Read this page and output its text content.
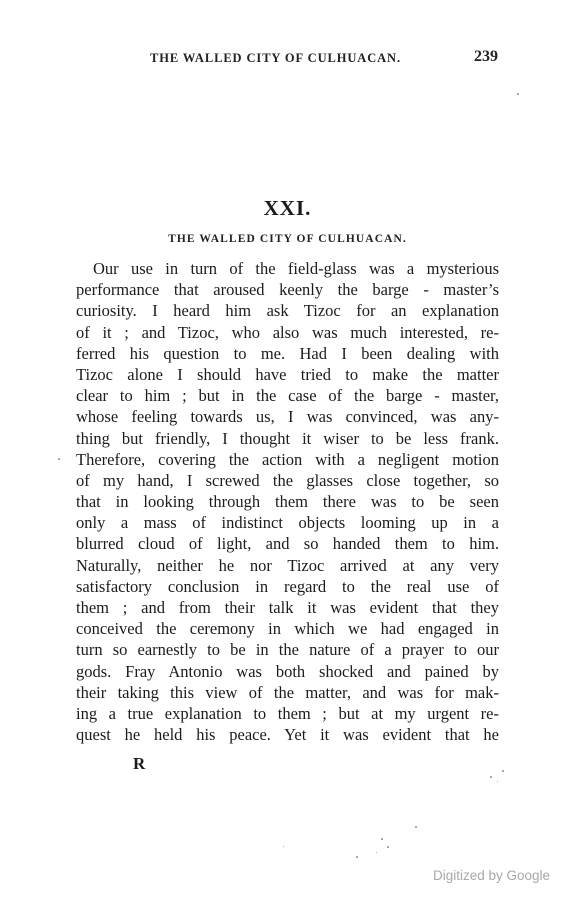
THE WALLED CITY OF CULHUACAN.	239
XXI.
THE WALLED CITY OF CULHUACAN.
Our use in turn of the field-glass was a mysterious
performance that aroused keenly the barge - master’s
curiosity. I heard him ask Tizoc for an explanation
of it ; and Tizoc, who also was much interested, re-
ferred his question to me. Had I been dealing with
Tizoc alone I should have tried to make the matter
clear to him ; but in the case of the barge - master,
whose feeling towards us, I was convinced, was any-
thing but friendly, I thought it wiser to be less frank.
Therefore, covering the action with a negligent motion
of my hand, I screwed the glasses close together, so
that in looking through them there was to be seen
only a mass of indistinct objects looming up in a
blurred cloud of light, and so handed them to him.
Naturally, neither he nor Tizoc arrived at any very
satisfactory conclusion in regard to the real use of
them ; and from their talk it was evident that they
conceived the ceremony in which we had engaged in
turn so earnestly to be in the nature of a prayer to our
gods. Fray Antonio was both shocked and pained by
their taking this view of the matter, and was for mak-
ing a true explanation to them ; but at my urgent re-
quest he held his peace. Yet it was evident that he
R
Digitized by Google
